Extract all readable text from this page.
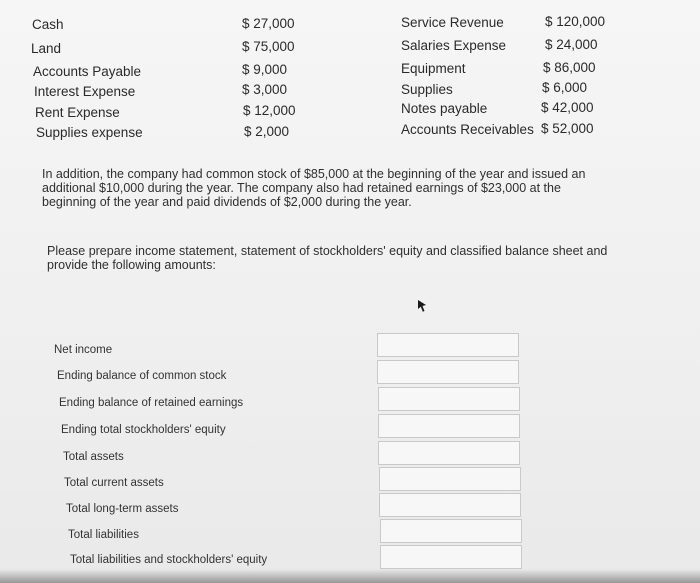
Cash	$ 27,000
Land	$ 75,000
Accounts Payable	$ 9,000
Interest Expense	$ 3,000
Rent Expense	$ 12,000
Supplies expense	$ 2,000
Service Revenue	$ 120,000
Salaries Expense	$ 24,000
Equipment	$ 86,000
Supplies	$ 6,000
Notes payable	$ 42,000
Accounts Receivables $ 52,000
In addition, the company had common stock of $85,000 at the beginning of the year and issued an
additional $10,000 during the year. The company also had retained earnings of $23,000 at the
beginning of the year and paid dividends of $2,000 during the year.
Please prepare income statement, statement of stockholders' equity and classified balance sheet and
provide the following amounts:
Net income
Ending balance of common stock
Ending balance of retained earnings
Ending total stockholders' equity
Total assets
Total current assets
Total long-term assets
Total liabilities
Total liabilities and stockholders' equity
